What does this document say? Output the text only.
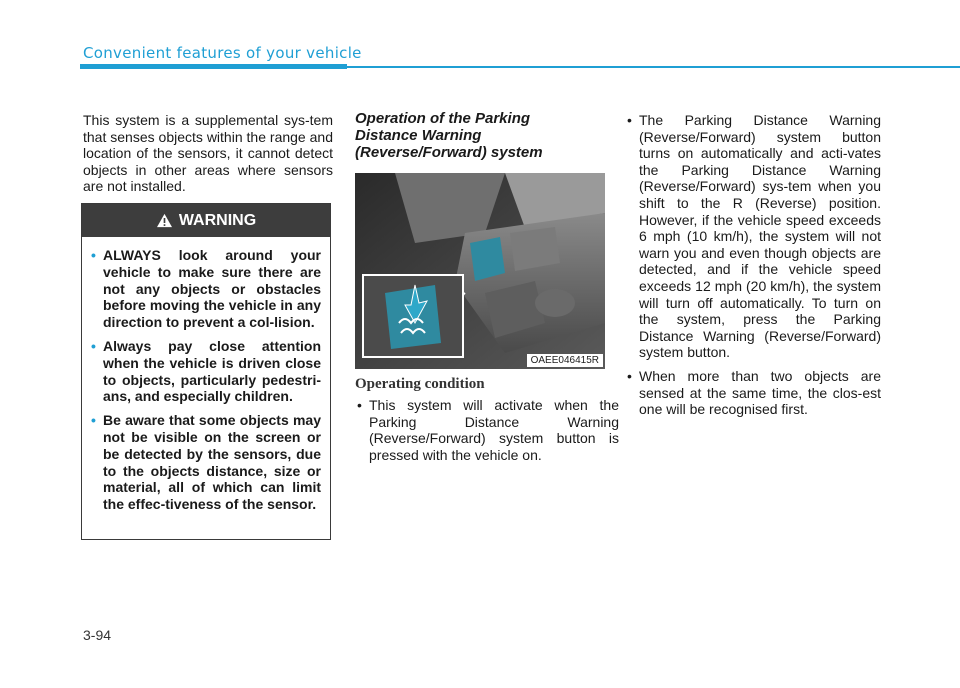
Convenient features of your vehicle

This system is a supplemental sys-tem that senses objects within the range and location of the sensors, it cannot detect objects in other areas where sensors are not installed.

WARNING
• ALWAYS look around your vehicle to make sure there are not any objects or obstacles before moving the vehicle in any direction to prevent a col-lision.
• Always pay close attention when the vehicle is driven close to objects, particularly pedestri-ans, and especially children.
• Be aware that some objects may not be visible on the screen or be detected by the sensors, due to the objects distance, size or material, all of which can limit the effec-tiveness of the sensor.

Operation of the Parking

Distance Warning

(Reverse/Forward) system

OAEE046415R
Operating condition
• This system will activate when the Parking Distance Warning (Reverse/Forward) system button is pressed with the vehicle on.
• The Parking Distance Warning (Reverse/Forward) system button turns on automatically and acti-vates the Parking Distance Warning (Reverse/Forward) sys-tem when you shift to the R (Reverse) position. However, if the vehicle speed exceeds 6 mph (10 km/h), the system will not warn you and even though objects are detected, and if the vehicle speed exceeds 12 mph (20 km/h), the system will turn off automatically. To turn on the system, press the Parking Distance Warning (Reverse/Forward) system button.
• When more than two objects are sensed at the same time, the clos-est one will be recognised first.
3-94
